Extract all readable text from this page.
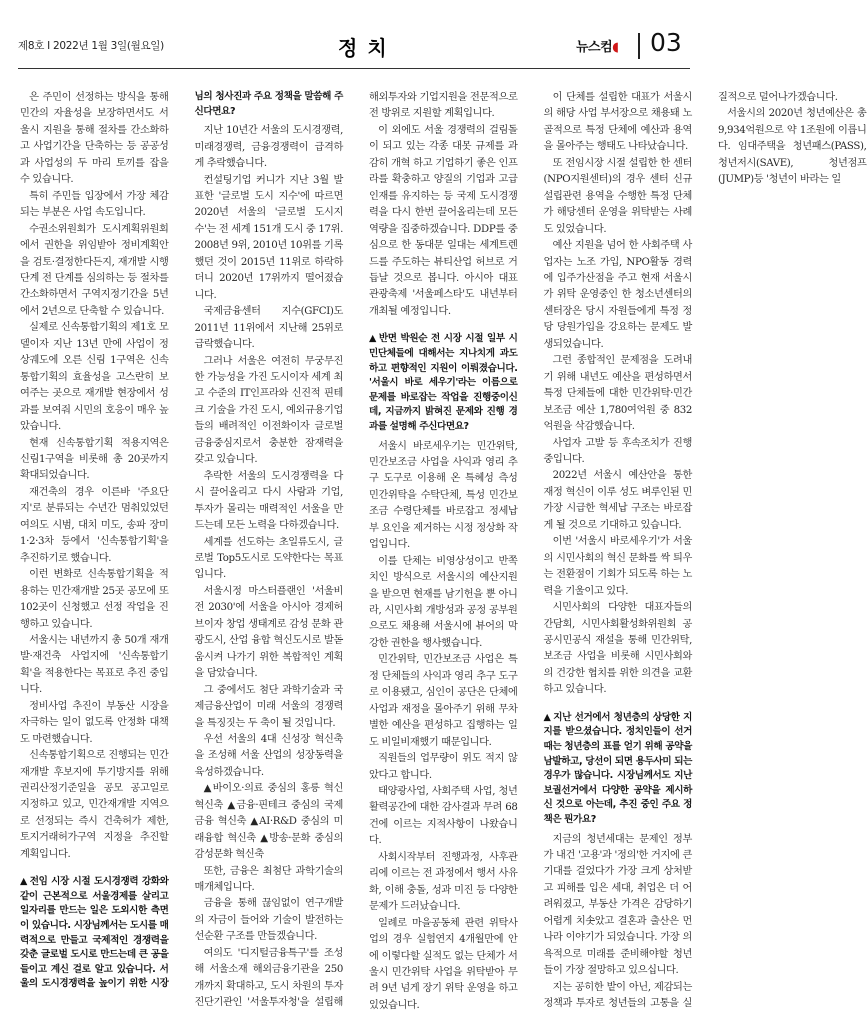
제8호 I 2022년 1월 3일(월요일)	정치	뉴스컴◖ 03

은 주민이 선정하는 방식을 통해 민간의 자율성을 보장하면서도 서울시 지원을 통해 절차를 간소화하고 사업기간을 단축하는 등 공공성과 사업성의 두 마리 토끼를 잡을 수 있습니다.

특히 주민들 입장에서 가장 체감되는 부분은 사업 속도입니다.

수권소위원회가 도시계획위원회에서 권한을 위임받아 정비계획안을 검토·결정한다든지, 재개발 시행단계 전 단계를 심의하는 등 절차를 간소화하면서 구역지정기간을 5년에서 2년으로 단축할 수 있습니다.

실제로 신속통합기획의 제1호 모델이자 지난 13년 만에 사업이 정상궤도에 오른 신림 1구역은 신속통합기획의 효율성을 고스란히 보여주는 곳으로 재개발 현장에서 성과를 보여줘 시민의 호응이 매우 높았습니다.

현재 신속통합기획 적용지역은 신림1구역을 비롯해 총 20곳까지 확대되었습니다.

재건축의 경우 이른바 '주요단지'로 분류되는 수년간 멈춰있었던 여의도 시범, 대치 미도, 송파 장미 1·2·3차 등에서 '신속통합기획'을 추진하기로 했습니다.

이런 변화로 신속통합기획을 적용하는 민간재개발 25곳 공모에 또 102곳이 신청했고 선정 작업을 진행하고 있습니다.

서울시는 내년까지 총 50개 재개발·재건축 사업지에 '신속통합기획'을 적용한다는 목표로 추진 중입니다.

정비사업 추진이 부동산 시장을 자극하는 일이 없도록 안정화 대책도 마련했습니다.

신속통합기획으로 진행되는 민간재개발 후보지에 투기방지를 위해 권리산정기준일을 공모 공고일로 지정하고 있고, 민간재개발 지역으로 선정되는 즉시 건축허가 제한, 토지거래허가구역 지정을 추진할 계획입니다.

▲ 전임 시장 시절 도시경쟁력 강화와 같이 근본적으로 서울경제를 살리고 일자리를 만드는 일은 도외시한 측면이 있습니다. 시장님께서는 도시를 매력적으로 만들고 국제적인 경쟁력을 갖춘 글로벌 도시로 만드는데 큰 공을 들이고 계신 걸로 알고 있습니다. 서울의 도시경쟁력을 높이기 위한 시장님의 청사진과 주요 정책을 말씀해 주신다면요?

지난 10년간 서울의 도시경쟁력, 미래경쟁력, 금융경쟁력이 급격하게 추락했습니다.

컨설팅기업 커니가 지난 3월 발표한 '글로벌 도시 지수'에 따르면 2020년 서울의 '글로벌 도시지수'는 전 세계 151개 도시 중 17위. 2008년 9위, 2010년 10위를 기록했던 것이 2015년 11위로 하락하더니 2020년 17위까지 떨어졌습니다.

국제금융센터 지수(GFCI)도 2011년 11위에서 지난해 25위로 급락했습니다.

그러나 서울은 여전히 무궁무진한 가능성을 가진 도시이자 세계 최고 수준의 IT인프라와 신진적 핀테크 기술을 가진 도시, 예외규용기업들의 배려적인 이전화이자 글로벌 금융중심지로서 충분한 잠재력을 갖고 있습니다.

추락한 서울의 도시경쟁력을 다시 끌어올리고 다시 사람과 기업, 투자가 몰리는 매력적인 서울을 만드는데 모든 노력을 다하겠습니다.

세계를 선도하는 초일류도시, 글로벌 Top5도시로 도약한다는 목표입니다.

서울시정 마스터플랜인 '서울비전 2030'에 서울을 아시아 경제허브이자 창업 생태계로 감성 문화 관광도시, 산업 융합 혁신도시로 발돋움시켜 나가기 위한 복합적인 계획을 담았습니다.

그 중에서도 첨단 과학기술과 국제금융산업이 미래 서울의 경쟁력을 특징짓는 두 축이 될 것입니다.

우선 서울의 4대 신성장 혁신축을 조성해 서울 산업의 성장동력을 육성하겠습니다.

▲바이오·의료 중심의 홍릉 혁신 혁신축 ▲금융·핀테크 중심의 국제금융 혁신축 ▲AI·R&D 중심의 미래융합 혁신축 ▲방송·문화 중심의 감성문화 혁신축

또한, 금융은 최첨단 과학기술의 매개체입니다.

금융을 통해 끊임없이 연구개발의 자금이 들어와 기술이 발전하는 선순환 구조를 만들겠습니다.

여의도 '디지털금융특구'를 조성해 서울소재 해외금융기관을 250개까지 확대하고, 도시 차원의 투자진단기관인 '서울투자청'을 설립해 해외투자와 기업지원을 전문적으로 전 방위로 지원할 계획입니다.

이 외에도 서울 경쟁력의 걸림돌이 되고 있는 각종 대못 규제를 과감히 개혁 하고 기업하기 좋은 인프라를 확충하고 양질의 기업과 고급인재를 유지하는 등 국제 도시경쟁력을 다시 한번 끌어올리는데 모든 역량을 집중하겠습니다. DDP를 중심으로 한 동대문 일대는 세계트렌드를 주도하는 뷰티산업 허브로 거듭날 것으로 봅니다. 아시아 대표 관광축제 '서울페스타'도 내년부터 개최될 예정입니다.

▲ 반면 박원순 전 시장 시절 일부 시민단체들에 대해서는 지나치게 과도하고 편향적인 지원이 이뤄졌습니다. '서울시 바로 세우기'라는 이름으로 문제를 바로잡는 작업을 진행중이신데, 지금까지 밝혀진 문제와 진행 경과를 설명해 주신다면요?

서울시 바로세우기는 민간위탁, 민간보조금 사업을 사익과 영리 추구 도구로 이용해 온 특혜성 측성 민간위탁을 수탁단체, 특성 민간보조금 수령단체를 바로잡고 정세납부 요인을 제거하는 시정 정상화 작업입니다.

이를 단체는 비영상성이고 반쪽치인 방식으로 서울시의 예산지원을 받으면 현재를 남기헌을 뿐 아니라, 시민사회 개방성과 공정 공부원으로도 채용해 서울시에 뷰어의 막강한 권한을 행사했습니다.

민간위탁, 민간보조금 사업은 특정 단체들의 사익과 영리 추구 도구로 이용됐고, 심인이 공단은 단체에 사업과 재정을 몰아주기 위해 무차별한 예산을 편성하고 집행하는 일도 비일비재했기 때문입니다.

직원들의 업무량이 위도 적지 않았다고 합니다.

태양광사업, 사회주택 사업, 청년활력공간에 대한 감사결과 무려 68건에 이르는 지적사항이 나왔습니다.

사회시작부터 진행과정, 사후관리에 이르는 전 과정에서 행서 사유화, 이해 충돌, 성과 미진 등 다양한 문제가 드러났습니다.

일례로 마을공동체 관련 위탁사업의 경우 실험연지 4개월만에 안에 이렇다할 실적도 없는 단체가 서울시 민간위탁 사업을 위탁받아 무려 9년 넘게 장기 위탁 운영을 하고 있었습니다.

이 단체를 설립한 대표가 서울시의 해당 사업 부서장으로 채용돼 노골적으로 특정 단체에 예산과 용역을 몰아주는 행태도 나타났습니다.

또 전임시장 시절 설립한 한 센터(NPO지원센터)의 경우 센터 신규 설립관련 용역을 수행한 특정 단체가 해당센터 운영을 위탁받는 사례도 있었습니다.

예산 지원을 넘어 한 사회주택 사업자는 노조 가입, NPO활동 경력에 입주가산점을 주고 현재 서울시가 위탁 운영중인 한 청소년센터의 센터장은 당시 자원들에게 특정 정당 당원가입을 강요하는 문제도 발생되었습니다.

그런 종합적인 문제점을 도려내기 위해 내년도 예산을 편성하면서 특정 단체들에 대한 민간위탁·민간보조금 예산 1,780여억원 중 832억원을 삭감했습니다.

사업자 고발 등 후속조치가 진행중입니다.

2022년 서울시 예산안을 통한 재정 혁신이 이루 성도 벼루인된 민 가장 시급한 혁세납 구조는 바로잡게 될 것으로 기대하고 있습니다.

이번 '서울시 바로세우기'가 서울의 시민사회의 혁신 문화를 싹 틔우는 전환점이 기회가 되도록 하는 노력을 기울이고 있다.

시민사회의 다양한 대표자들의 간담회, 시민사회활성화위원회 공공시민공식 재설을 통해 민간위탁, 보조금 사업을 비롯해 시민사회와의 건강한 협치를 위한 의견을 교환하고 있습니다.

▲ 지난 선거에서 청년층의 상당한 지지를 받으셨습니다. 정치인들이 선거 때는 청년층의 표를 얻기 위해 공약을 남발하고, 당선이 되면 용두사미 되는 경우가 많습니다. 시장님께서도 지난 보궐선거에서 다양한 공약을 제시하신 것으로 아는데, 추진 중인 주요 정책은 뭔가요?

지금의 청년세대는 문제인 정부가 내건 '고용'과 '정의'한 거지에 큰 기대를 걸었다가 가장 크게 상처받고 피해를 입은 세대, 취업은 더 어려워졌고, 부동산 가격은 감당하기 어렵게 치솟았고 결혼과 출산은 먼 나라 이야기가 되었습니다. 가장 의욕적으로 미래를 준비해야할 청년들이 가장 절망하고 있으십니다.

지는 공히한 밭이 아닌, 제감되는 정책과 투자로 청년들의 고통을 실질적으로 덜어나가겠습니다.

서울시의 2020년 청년예산은 총 9,934억원으로 약 1조원에 이릅니다. 임대주택을 청년패스(PASS), 청년저시(SAVE), 청년점프(JUMP)등 '청년이 바라는 일
